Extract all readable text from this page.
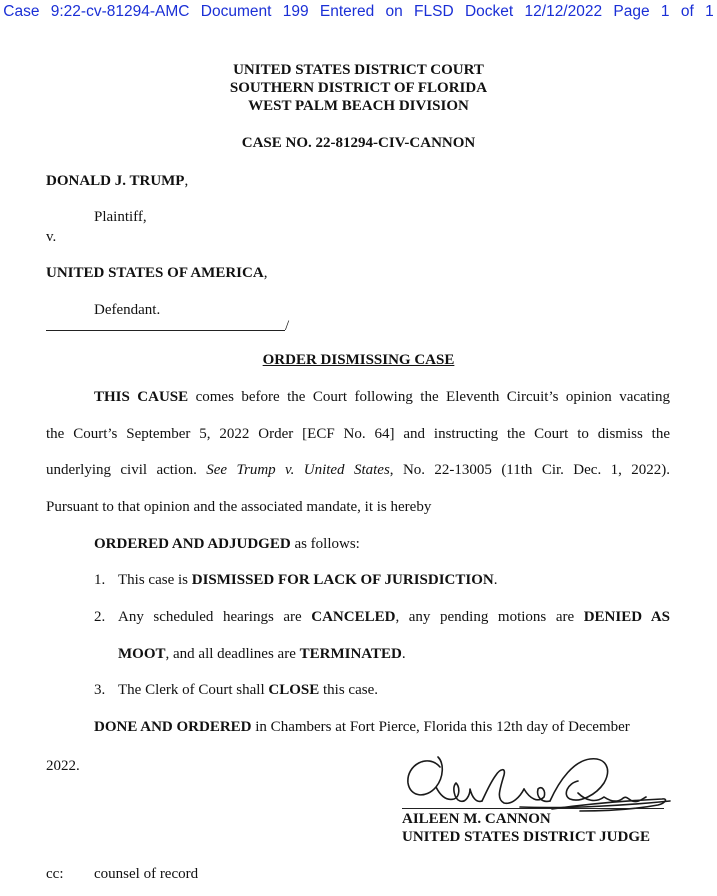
Case 9:22-cv-81294-AMC Document 199 Entered on FLSD Docket 12/12/2022 Page 1 of 1
UNITED STATES DISTRICT COURT
SOUTHERN DISTRICT OF FLORIDA
WEST PALM BEACH DIVISION
CASE NO. 22-81294-CIV-CANNON
DONALD J. TRUMP,
Plaintiff,
v.
UNITED STATES OF AMERICA,
Defendant.
/
ORDER DISMISSING CASE
THIS CAUSE comes before the Court following the Eleventh Circuit’s opinion vacating
the Court’s September 5, 2022 Order [ECF No. 64] and instructing the Court to dismiss the
underlying civil action. See Trump v. United States, No. 22-13005 (11th Cir. Dec. 1, 2022).
Pursuant to that opinion and the associated mandate, it is hereby
ORDERED AND ADJUDGED as follows:
1. This case is DISMISSED FOR LACK OF JURISDICTION.
2. Any scheduled hearings are CANCELED, any pending motions are DENIED AS
MOOT, and all deadlines are TERMINATED.
3. The Clerk of Court shall CLOSE this case.
DONE AND ORDERED in Chambers at Fort Pierce, Florida this 12th day of December
2022.
AILEEN M. CANNON
UNITED STATES DISTRICT JUDGE
cc: counsel of record
